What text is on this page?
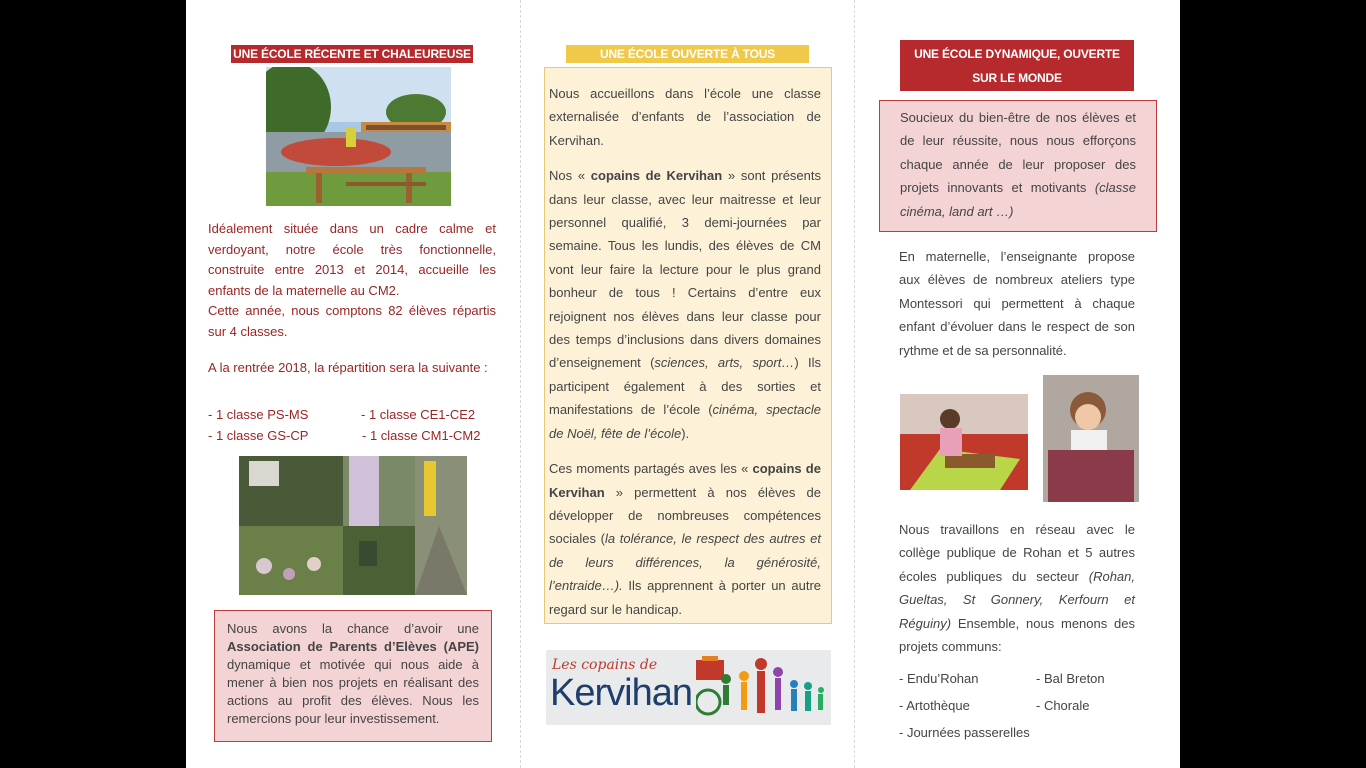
UNE ÉCOLE RÉCENTE ET CHALEUREUSE
Idéalement située dans un cadre calme et verdoyant, notre école très fonctionnelle, construite entre 2013 et 2014, accueille les enfants de la maternelle au CM2.
Cette année, nous comptons 82 élèves répartis sur 4 classes.
A la rentrée 2018, la répartition sera la suivante :
- 1 classe PS-MS	- 1 classe CE1-CE2
- 1 classe GS-CP	- 1 classe CM1-CM2
Nous avons la chance d’avoir une Association de Parents d’Elèves (APE) dynamique et motivée qui nous aide à mener à bien nos projets en réalisant des actions au profit des élèves. Nous les remercions pour leur investissement.
UNE ÉCOLE OUVERTE À TOUS

Nous accueillons dans l’école une classe externalisée d’enfants de l’association de Kervihan.

Nos « copains de Kervihan » sont présents dans leur classe, avec leur maitresse et leur personnel qualifié, 3 demi-journées par semaine. Tous les lundis, des élèves de CM vont leur faire la lecture pour le plus grand bonheur de tous ! Certains d’entre eux rejoignent nos élèves dans leur classe pour des temps d’inclusions dans divers domaines d’enseignement (sciences, arts, sport…) Ils participent également à des sorties et manifestations de l’école (cinéma, spectacle de Noël, fête de l’école).

Ces moments partagés aves les « copains de Kervihan » permettent à nos élèves de développer de nombreuses compétences sociales (la tolérance, le respect des autres et de leurs différences, la générosité, l’entraide…). Ils apprennent à porter un autre regard sur le handicap.

Les copains de
Kervihan
UNE ÉCOLE DYNAMIQUE, OUVERTE
SUR LE MONDE
Soucieux du bien-être de nos élèves et de leur réussite, nous nous efforçons chaque année de leur proposer des projets innovants et motivants (classe cinéma, land art …)
En maternelle, l’enseignante propose aux élèves de nombreux ateliers type Montessori qui permettent à chaque enfant d’évoluer dans le respect de son rythme et de sa personnalité.
Nous travaillons en réseau avec le collège publique de Rohan et 5 autres écoles publiques du secteur (Rohan, Gueltas, St Gonnery, Kerfourn et Réguiny) Ensemble, nous menons des projets communs:
- Endu’Rohan	- Bal Breton
- Artothèque	- Chorale
- Journées passerelles
